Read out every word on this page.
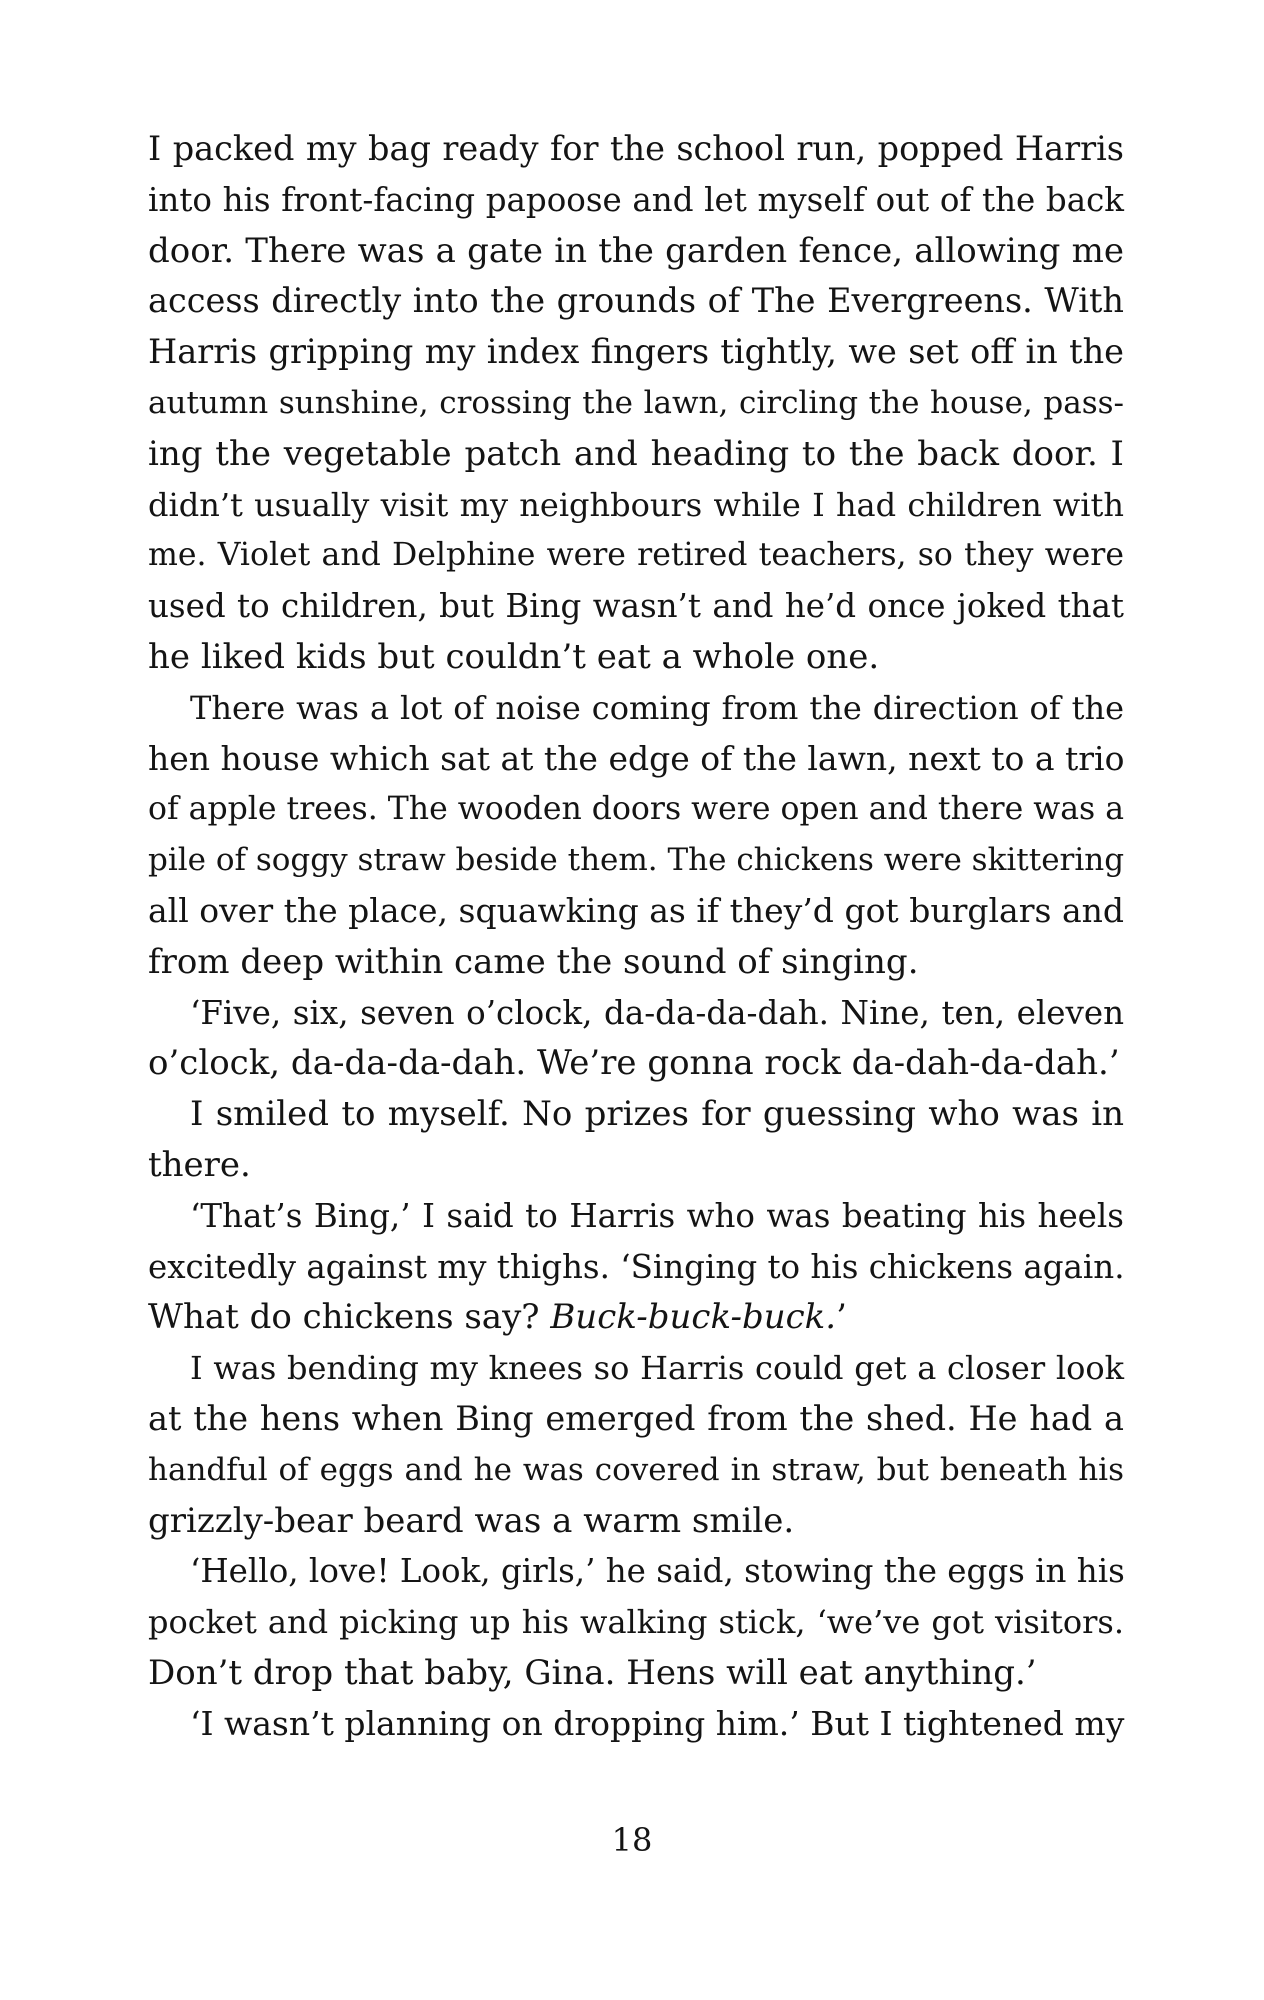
I packed my bag ready for the school run, popped Harris
into his front-facing papoose and let myself out of the back
door. There was a gate in the garden fence, allowing me
access directly into the grounds of The Evergreens. With
Harris gripping my index fingers tightly, we set off in the
autumn sunshine, crossing the lawn, circling the house, pass-
ing the vegetable patch and heading to the back door. I
didn’t usually visit my neighbours while I had children with
me. Violet and Delphine were retired teachers, so they were
used to children, but Bing wasn’t and he’d once joked that
he liked kids but couldn’t eat a whole one.
There was a lot of noise coming from the direction of the
hen house which sat at the edge of the lawn, next to a trio
of apple trees. The wooden doors were open and there was a
pile of soggy straw beside them. The chickens were skittering
all over the place, squawking as if they’d got burglars and
from deep within came the sound of singing.
‘Five, six, seven o’clock, da-da-da-dah. Nine, ten, eleven
o’clock, da-da-da-dah. We’re gonna rock da-dah-da-dah.’
I smiled to myself. No prizes for guessing who was in
there.
‘That’s Bing,’ I said to Harris who was beating his heels
excitedly against my thighs. ‘Singing to his chickens again.
What do chickens say? Buck-buck-buck.’
I was bending my knees so Harris could get a closer look
at the hens when Bing emerged from the shed. He had a
handful of eggs and he was covered in straw, but beneath his
grizzly-bear beard was a warm smile.
‘Hello, love! Look, girls,’ he said, stowing the eggs in his
pocket and picking up his walking stick, ‘we’ve got visitors.
Don’t drop that baby, Gina. Hens will eat anything.’
‘I wasn’t planning on dropping him.’ But I tightened my
18
